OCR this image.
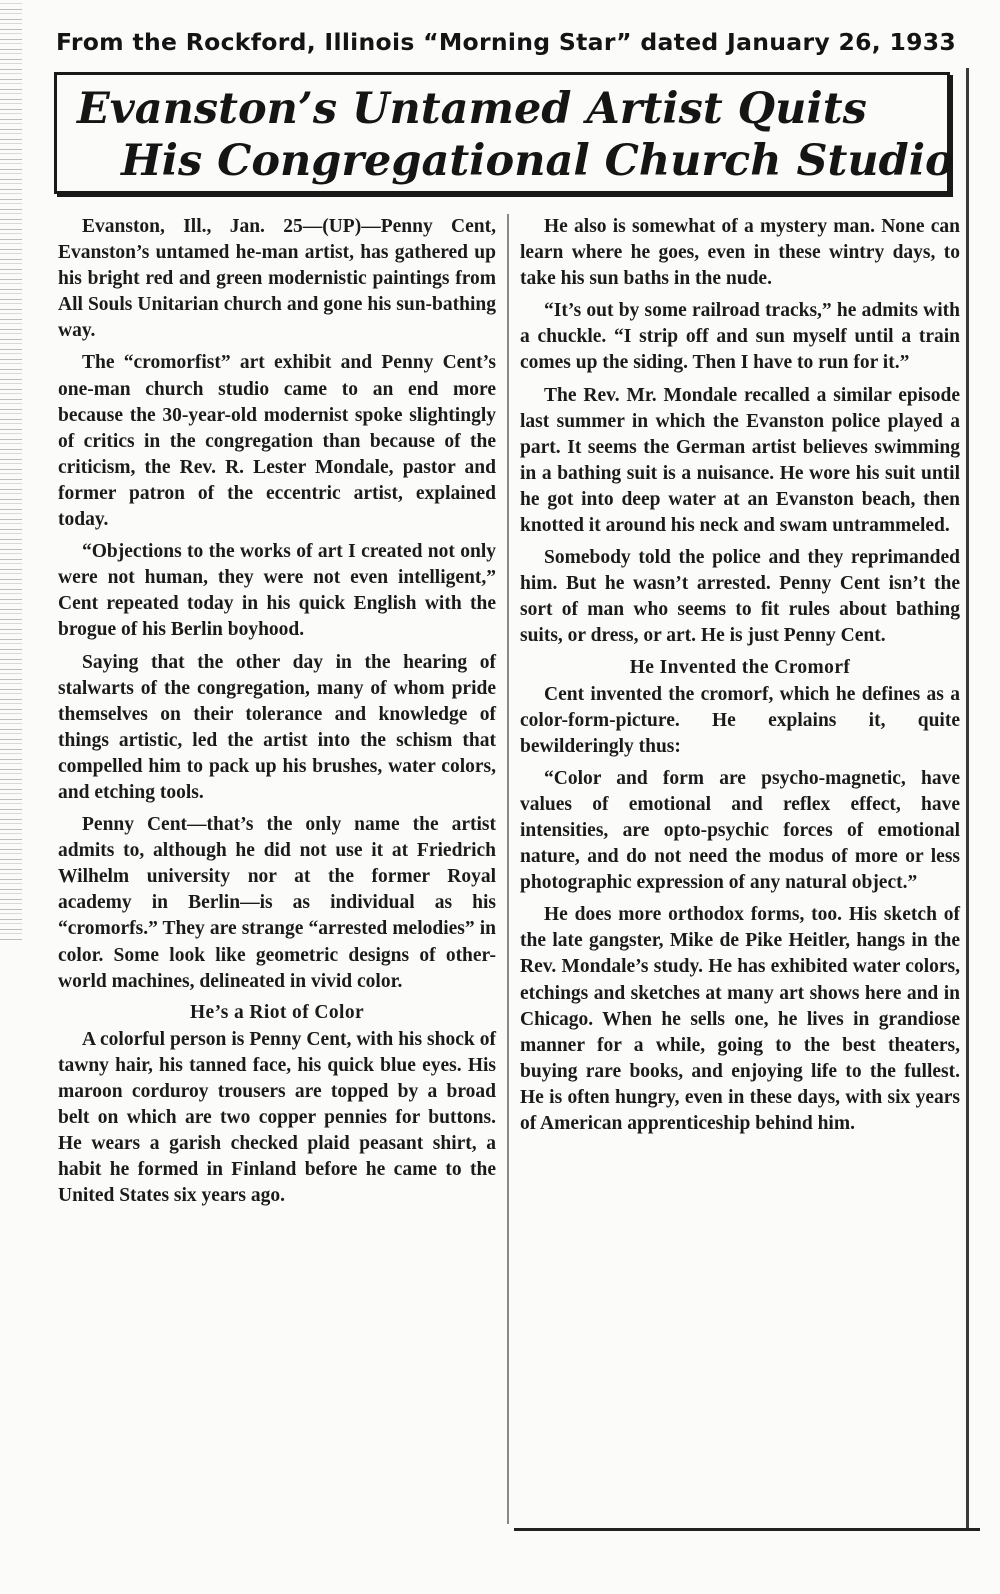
From the Rockford, Illinois “Morning Star” dated January 26, 1933
Evanston’s Untamed Artist Quits
His Congregational Church Studio

Evanston, Ill., Jan. 25—(UP)—Penny Cent, Evanston’s untamed he-man artist, has gathered up his bright red and green modernistic paintings from All Souls Unitarian church and gone his sun-bathing way.

The “cromorfist” art exhibit and Penny Cent’s one-man church studio came to an end more because the 30-year-old modernist spoke slightingly of critics in the congregation than because of the criticism, the Rev. R. Lester Mondale, pastor and former patron of the eccentric artist, explained today.

“Objections to the works of art I created not only were not human, they were not even intelligent,” Cent repeated today in his quick English with the brogue of his Berlin boyhood.

Saying that the other day in the hearing of stalwarts of the congregation, many of whom pride themselves on their tolerance and knowledge of things artistic, led the artist into the schism that compelled him to pack up his brushes, water colors, and etching tools.

Penny Cent—that’s the only name the artist admits to, although he did not use it at Friedrich Wilhelm university nor at the former Royal academy in Berlin—is as individual as his “cromorfs.” They are strange “arrested melodies” in color. Some look like geometric designs of other-world machines, delineated in vivid color.

He’s a Riot of Color

A colorful person is Penny Cent, with his shock of tawny hair, his tanned face, his quick blue eyes. His maroon corduroy trousers are topped by a broad belt on which are two copper pennies for buttons. He wears a garish checked plaid peasant shirt, a habit he formed in Finland before he came to the United States six years ago.

He also is somewhat of a mystery man. None can learn where he goes, even in these wintry days, to take his sun baths in the nude.

“It’s out by some railroad tracks,” he admits with a chuckle. “I strip off and sun myself until a train comes up the siding. Then I have to run for it.”

The Rev. Mr. Mondale recalled a similar episode last summer in which the Evanston police played a part. It seems the German artist believes swimming in a bathing suit is a nuisance. He wore his suit until he got into deep water at an Evanston beach, then knotted it around his neck and swam untrammeled.

Somebody told the police and they reprimanded him. But he wasn’t arrested. Penny Cent isn’t the sort of man who seems to fit rules about bathing suits, or dress, or art. He is just Penny Cent.

He Invented the Cromorf

Cent invented the cromorf, which he defines as a color-form-picture. He explains it, quite bewilderingly thus:

“Color and form are psycho-magnetic, have values of emotional and reflex effect, have intensities, are opto-psychic forces of emotional nature, and do not need the modus of more or less photographic expression of any natural object.”

He does more orthodox forms, too. His sketch of the late gangster, Mike de Pike Heitler, hangs in the Rev. Mondale’s study. He has exhibited water colors, etchings and sketches at many art shows here and in Chicago. When he sells one, he lives in grandiose manner for a while, going to the best theaters, buying rare books, and enjoying life to the fullest. He is often hungry, even in these days, with six years of American apprenticeship behind him.
